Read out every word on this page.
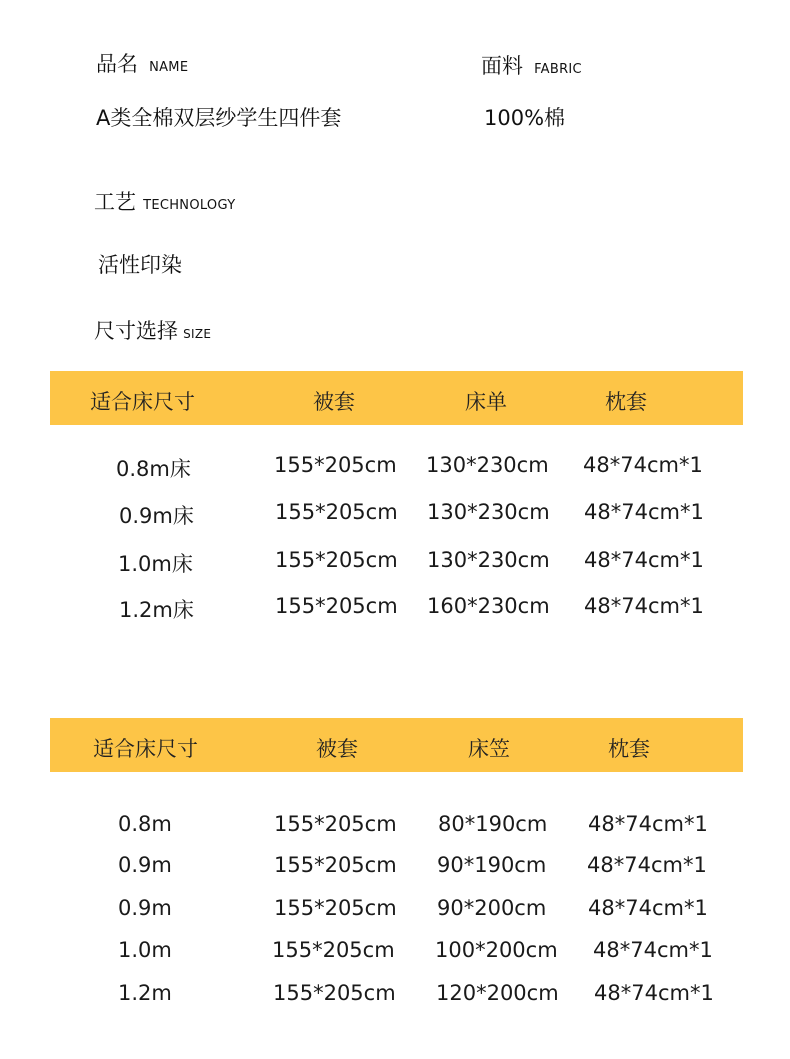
品名 NAME
A类全棉双层纱学生四件套
面料 FABRIC
100%棉
工艺 TECHNOLOGY
活性印染
尺寸选择 SIZE
适合床尺寸	被套	床单	枕套
0.8m床	155*205cm 130*230cm 48*74cm*1
0.9m床	155*205cm 130*230cm 48*74cm*1
1.0m床	155*205cm 130*230cm 48*74cm*1
1.2m床	155*205cm 160*230cm 48*74cm*1
适合床尺寸	被套	床笠	枕套
0.8m	155*205cm 80*190cm 48*74cm*1
0.9m	155*205cm 90*190cm 48*74cm*1
0.9m	155*205cm 90*200cm 48*74cm*1
1.0m	155*205cm 100*200cm 48*74cm*1
1.2m	155*205cm 120*200cm 48*74cm*1
